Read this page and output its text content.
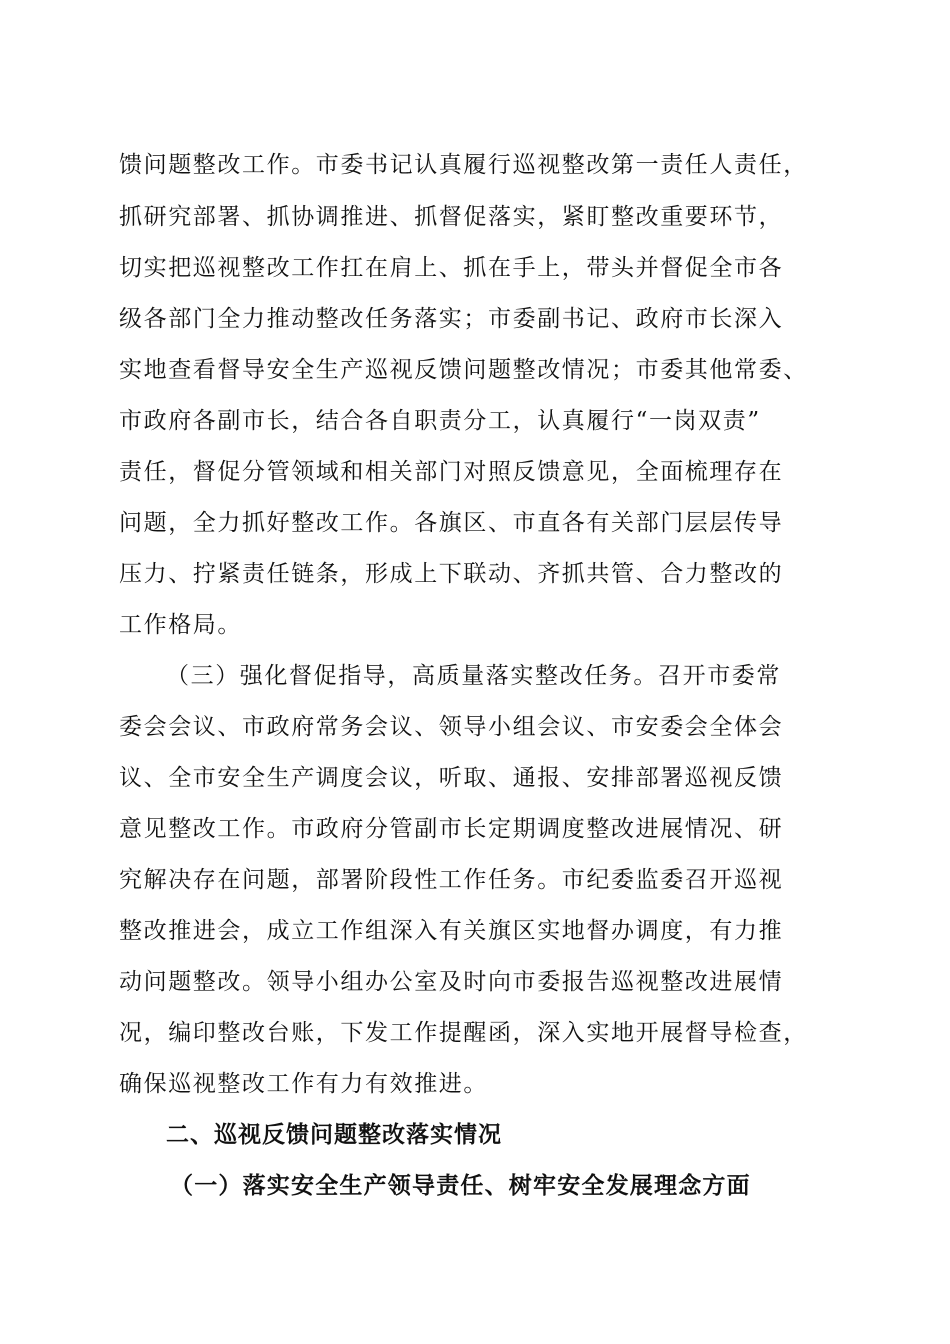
馈问题整改工作。市委书记认真履行巡视整改第一责任人责任，
抓研究部署、抓协调推进、抓督促落实，紧盯整改重要环节，
切实把巡视整改工作扛在肩上、抓在手上，带头并督促全市各
级各部门全力推动整改任务落实；市委副书记、政府市长深入
实地查看督导安全生产巡视反馈问题整改情况；市委其他常委、
市政府各副市长，结合各自职责分工，认真履行“一岗双责”
责任，督促分管领域和相关部门对照反馈意见，全面梳理存在
问题，全力抓好整改工作。各旗区、市直各有关部门层层传导
压力、拧紧责任链条，形成上下联动、齐抓共管、合力整改的
工作格局。
（三）强化督促指导，高质量落实整改任务。召开市委常
委会会议、市政府常务会议、领导小组会议、市安委会全体会
议、全市安全生产调度会议，听取、通报、安排部署巡视反馈
意见整改工作。市政府分管副市长定期调度整改进展情况、研
究解决存在问题，部署阶段性工作任务。市纪委监委召开巡视
整改推进会，成立工作组深入有关旗区实地督办调度，有力推
动问题整改。领导小组办公室及时向市委报告巡视整改进展情
况，编印整改台账，下发工作提醒函，深入实地开展督导检查，
确保巡视整改工作有力有效推进。
二、巡视反馈问题整改落实情况
（一）落实安全生产领导责任、树牢安全发展理念方面
